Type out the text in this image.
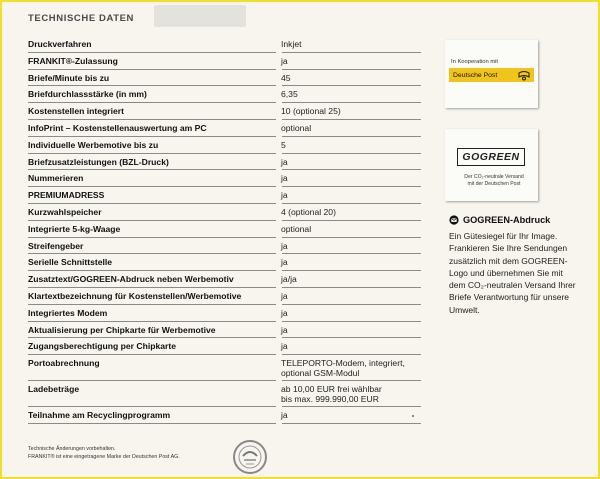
TECHNISCHE DATEN
Druckverfahren	Inkjet
FRANKIT®-Zulassung	ja
Briefe/Minute bis zu	45
Briefdurchlassstärke (in mm)	6,35
Kostenstellen integriert	10 (optional 25)
InfoPrint – Kostenstellenauswertung am PC	optional
Individuelle Werbemotive bis zu	5
Briefzusatzleistungen (BZL-Druck)	ja
Nummerieren	ja
PREMIUMADRESS	ja
Kurzwahlspeicher	4 (optional 20)
Integrierte 5-kg-Waage	optional
Streifengeber	ja
Serielle Schnittstelle	ja
Zusatztext/GOGREEN-Abdruck neben Werbemotiv	ja/ja
Klartextbezeichnung für Kostenstellen/Werbemotive	ja
Integriertes Modem	ja
Aktualisierung per Chipkarte für Werbemotive	ja
Zugangsberechtigung per Chipkarte	ja
Portoabrechnung	TELEPORTO-Modem, integriert,
optional GSM-Modul
Ladebeträge	ab 10,00 EUR frei wählbar
bis max. 999.990,00 EUR
Teilnahme am Recyclingprogramm	ja
Technische Änderungen vorbehalten.
FRANKIT® ist eine eingetragene Marke der Deutschen Post AG.
In Kooperation mit
Deutsche Post
GOGREEN
Der CO₂-neutrale Versand
mit der Deutschen Post
GOGREEN-Abdruck
Ein Gütesiegel für Ihr Image.
Frankieren Sie Ihre Sendungen
zusätzlich mit dem GOGREEN-
Logo und übernehmen Sie mit
dem CO₂-neutralen Versand Ihrer
Briefe Verantwortung für unsere
Umwelt.
